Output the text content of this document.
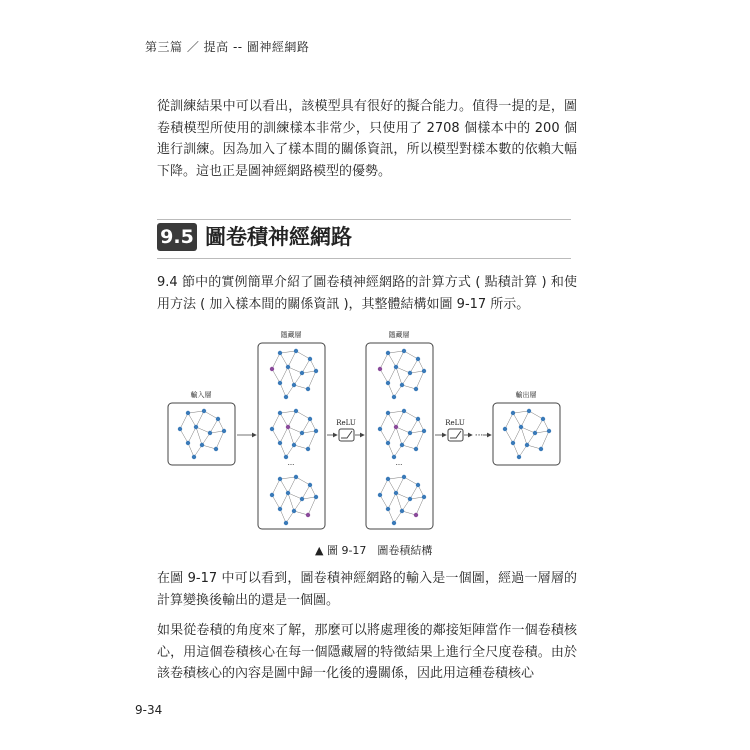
第三篇 ／ 提高 -- 圖神經網路

從訓練結果中可以看出，該模型具有很好的擬合能力。值得一提的是，圖卷積模型所使用的訓練樣本非常少，只使用了 2708 個樣本中的 200 個進行訓練。因為加入了樣本間的關係資訊，所以模型對樣本數的依賴大幅下降。這也正是圖神經網路模型的優勢。

9.5 圖卷積神經網路

9.4 節中的實例簡單介紹了圖卷積神經網路的計算方式 ( 點積計算 ) 和使用方法 ( 加入樣本間的關係資訊 )，其整體結構如圖 9-17 所示。

輸入層
隱藏層	隱藏層
輸出層
ReLU	ReLU
···
...	...
▲ 圖 9-17　圖卷積結構

在圖 9-17 中可以看到，圖卷積神經網路的輸入是一個圖，經過一層層的計算變換後輸出的還是一個圖。

如果從卷積的角度來了解，那麼可以將處理後的鄰接矩陣當作一個卷積核心，用這個卷積核心在每一個隱藏層的特徵結果上進行全尺度卷積。由於該卷積核心的內容是圖中歸一化後的邊關係，因此用這種卷積核心

9-34
